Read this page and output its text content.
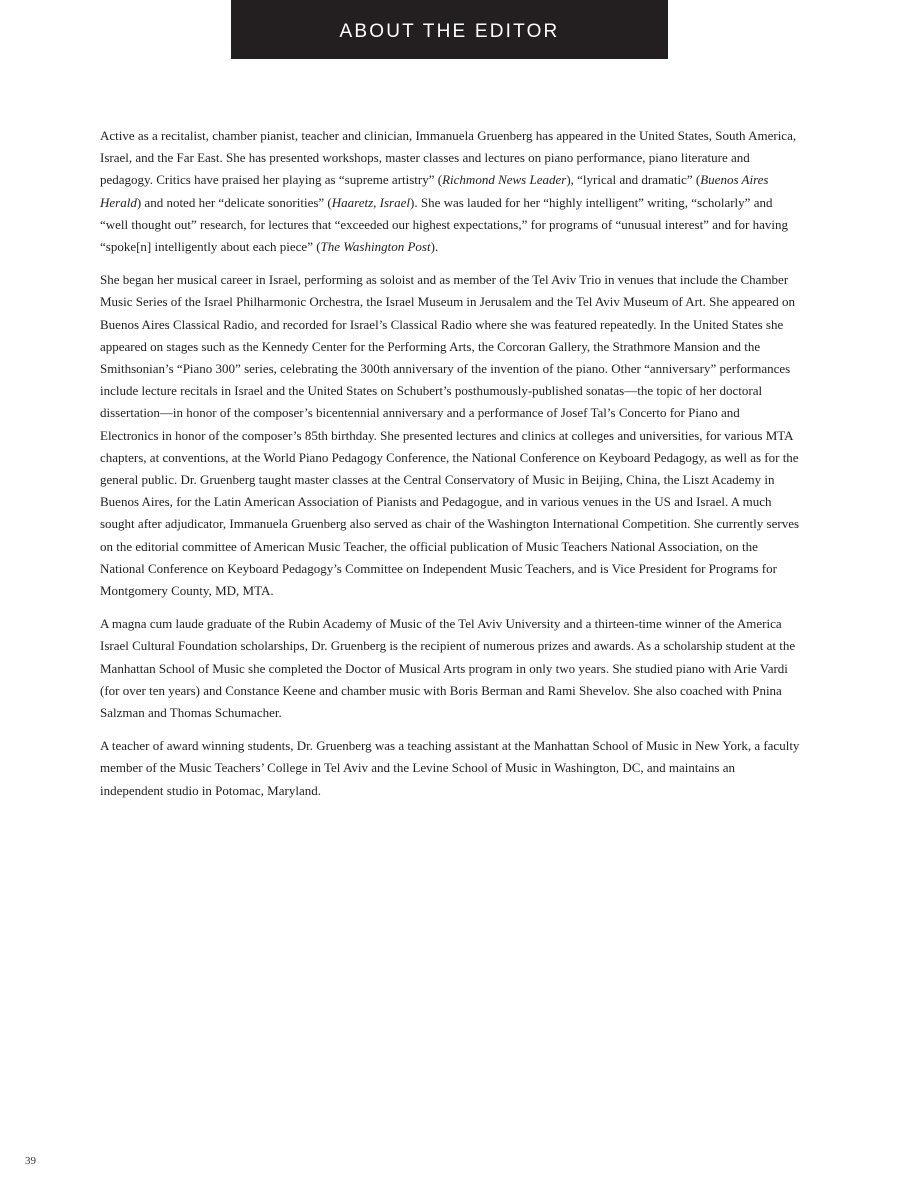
ABOUT THE EDITOR

Active as a recitalist, chamber pianist, teacher and clinician, Immanuela Gruenberg has appeared in the United States, South America, Israel, and the Far East. She has presented workshops, master classes and lectures on piano performance, piano literature and pedagogy. Critics have praised her playing as “supreme artistry” (Richmond News Leader), “lyrical and dramatic” (Buenos Aires Herald) and noted her “delicate sonorities” (Haaretz, Israel). She was lauded for her “highly intelligent” writing, “scholarly” and “well thought out” research, for lectures that “exceeded our highest expectations,” for programs of “unusual interest” and for having “spoke[n] intelligently about each piece” (The Washington Post).

She began her musical career in Israel, performing as soloist and as member of the Tel Aviv Trio in venues that include the Chamber Music Series of the Israel Philharmonic Orchestra, the Israel Museum in Jerusalem and the Tel Aviv Museum of Art. She appeared on Buenos Aires Classical Radio, and recorded for Israel’s Classical Radio where she was featured repeatedly. In the United States she appeared on stages such as the Kennedy Center for the Performing Arts, the Corcoran Gallery, the Strathmore Mansion and the Smithsonian’s “Piano 300” series, celebrating the 300th anniversary of the invention of the piano. Other “anniversary” performances include lecture recitals in Israel and the United States on Schubert’s posthumously-published sonatas—the topic of her doctoral dissertation—in honor of the composer’s bicentennial anniversary and a performance of Josef Tal’s Concerto for Piano and Electronics in honor of the composer’s 85th birthday. She presented lectures and clinics at colleges and universities, for various MTA chapters, at conventions, at the World Piano Pedagogy Conference, the National Conference on Keyboard Pedagogy, as well as for the general public. Dr. Gruenberg taught master classes at the Central Conservatory of Music in Beijing, China, the Liszt Academy in Buenos Aires, for the Latin American Association of Pianists and Pedagogue, and in various venues in the US and Israel. A much sought after adjudicator, Immanuela Gruenberg also served as chair of the Washington International Competition. She currently serves on the editorial committee of American Music Teacher, the official publication of Music Teachers National Association, on the National Conference on Keyboard Pedagogy’s Committee on Independent Music Teachers, and is Vice President for Programs for Montgomery County, MD, MTA.

A magna cum laude graduate of the Rubin Academy of Music of the Tel Aviv University and a thirteen-time winner of the America Israel Cultural Foundation scholarships, Dr. Gruenberg is the recipient of numerous prizes and awards. As a scholarship student at the Manhattan School of Music she completed the Doctor of Musical Arts program in only two years. She studied piano with Arie Vardi (for over ten years) and Constance Keene and chamber music with Boris Berman and Rami Shevelov. She also coached with Pnina Salzman and Thomas Schumacher.

A teacher of award winning students, Dr. Gruenberg was a teaching assistant at the Manhattan School of Music in New York, a faculty member of the Music Teachers’ College in Tel Aviv and the Levine School of Music in Washington, DC, and maintains an independent studio in Potomac, Maryland.

39
